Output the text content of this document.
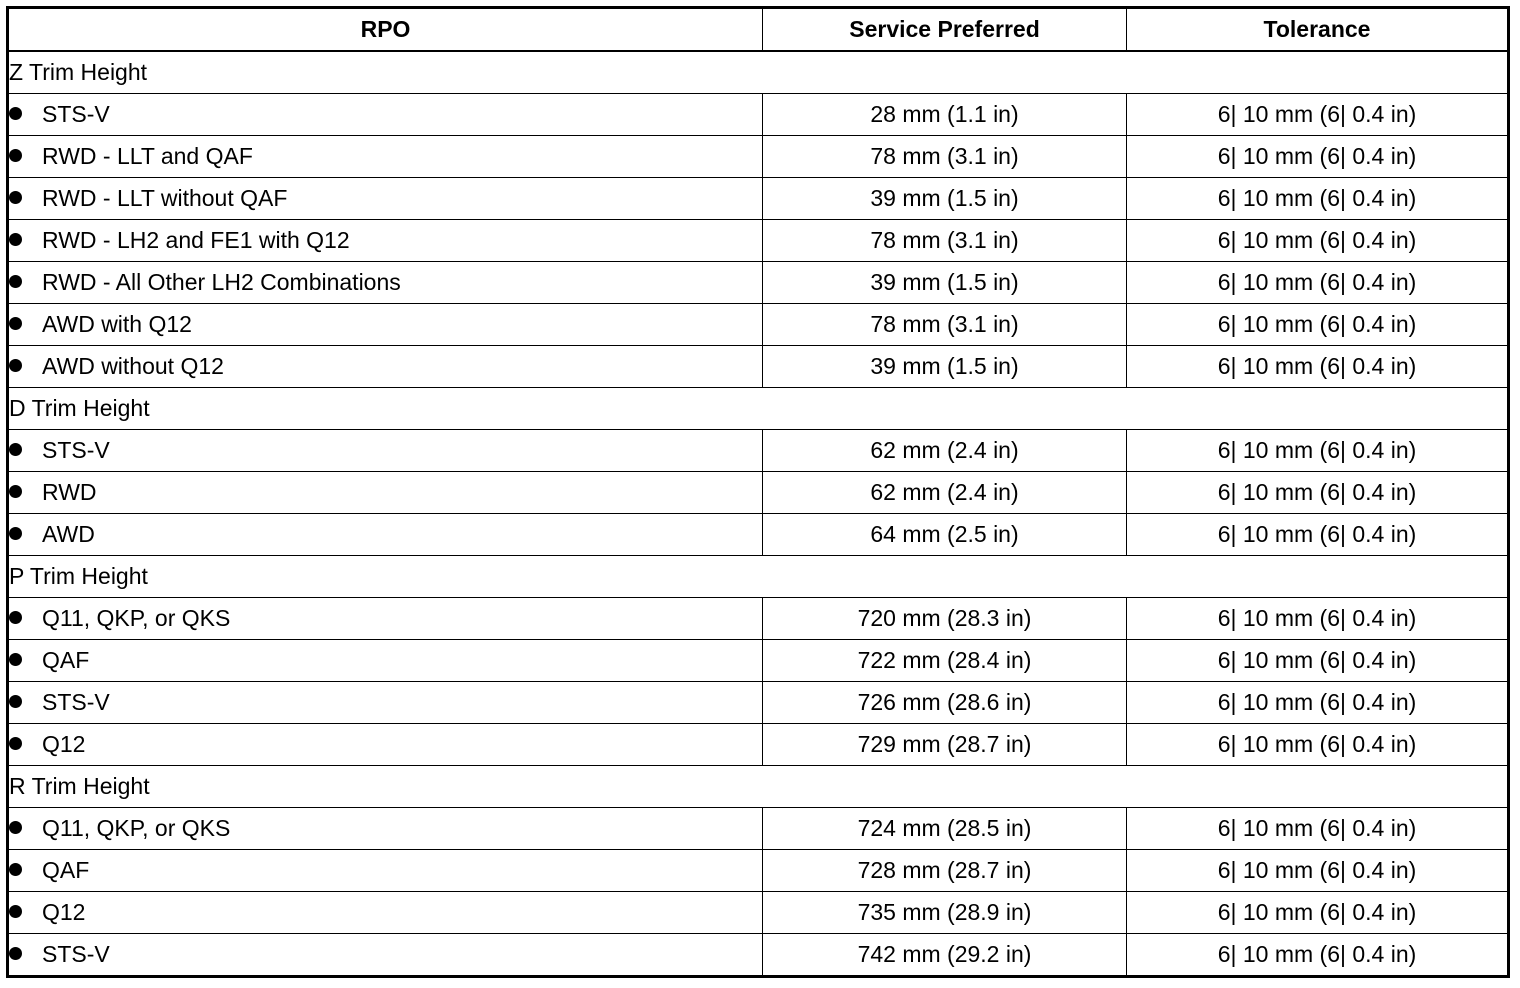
RPO	Service Preferred	Tolerance
Z Trim Height		
STS-V	28 mm (1.1 in)	6| 10 mm (6| 0.4 in)
RWD - LLT and QAF	78 mm (3.1 in)	6| 10 mm (6| 0.4 in)
RWD - LLT without QAF	39 mm (1.5 in)	6| 10 mm (6| 0.4 in)
RWD - LH2 and FE1 with Q12	78 mm (3.1 in)	6| 10 mm (6| 0.4 in)
RWD - All Other LH2 Combinations	39 mm (1.5 in)	6| 10 mm (6| 0.4 in)
AWD with Q12	78 mm (3.1 in)	6| 10 mm (6| 0.4 in)
AWD without Q12	39 mm (1.5 in)	6| 10 mm (6| 0.4 in)
D Trim Height		
STS-V	62 mm (2.4 in)	6| 10 mm (6| 0.4 in)
RWD	62 mm (2.4 in)	6| 10 mm (6| 0.4 in)
AWD	64 mm (2.5 in)	6| 10 mm (6| 0.4 in)
P Trim Height		
Q11, QKP, or QKS	720 mm (28.3 in)	6| 10 mm (6| 0.4 in)
QAF	722 mm (28.4 in)	6| 10 mm (6| 0.4 in)
STS-V	726 mm (28.6 in)	6| 10 mm (6| 0.4 in)
Q12	729 mm (28.7 in)	6| 10 mm (6| 0.4 in)
R Trim Height		
Q11, QKP, or QKS	724 mm (28.5 in)	6| 10 mm (6| 0.4 in)
QAF	728 mm (28.7 in)	6| 10 mm (6| 0.4 in)
Q12	735 mm (28.9 in)	6| 10 mm (6| 0.4 in)
STS-V	742 mm (29.2 in)	6| 10 mm (6| 0.4 in)
